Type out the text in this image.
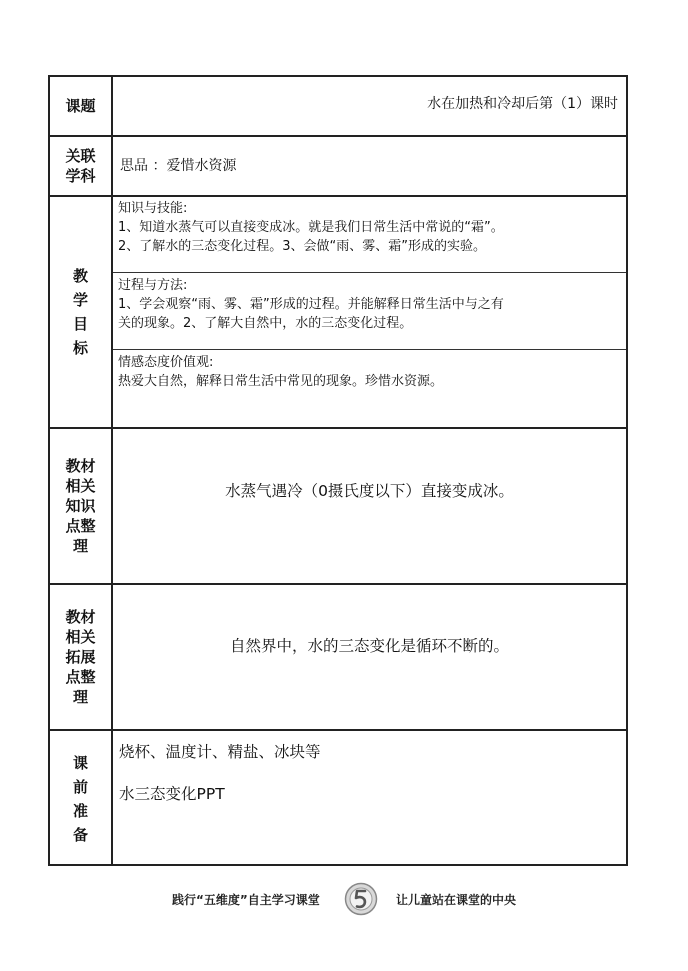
课题	水在加热和冷却后第（1）课时
关联学科
思品 ：爱惜水资源
教学目标
知识与技能:
1、知道水蒸气可以直接变成冰。就是我们日常生活中常说的“霜”。
2、了解水的三态变化过程。3、会做“雨、雾、霜”形成的实验。
过程与方法:
1、学会观察“雨、雾、霜”形成的过程。并能解释日常生活中与之有
关的现象。2、了解大自然中，水的三态变化过程。
情感态度价值观:
热爱大自然，解释日常生活中常见的现象。珍惜水资源。
教材相关知识点整理
水蒸气遇冷（0摄氏度以下）直接变成冰。
教材相关拓展点整理
自然界中，水的三态变化是循环不断的。
课前准备
烧杯、温度计、精盐、冰块等
水三态变化PPT
践行“五维度”自主学习课堂	让儿童站在课堂的中央
